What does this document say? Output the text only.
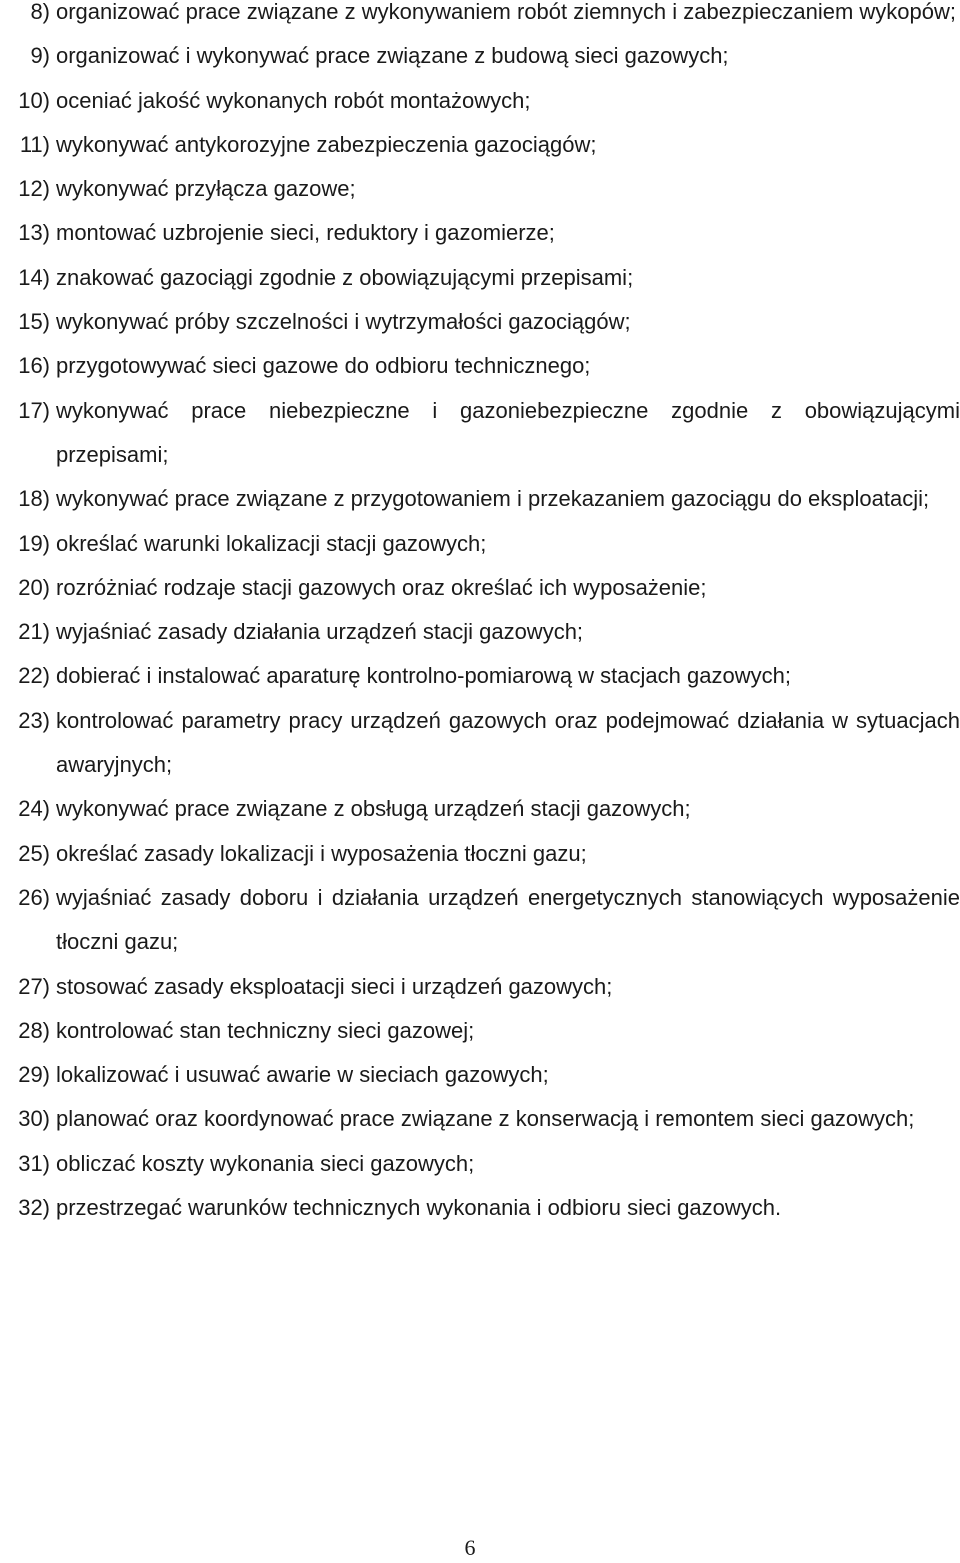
8) organizować prace związane z wykonywaniem robót ziemnych i zabezpieczaniem wykopów;
9) organizować i wykonywać prace związane z budową sieci gazowych;
10) oceniać jakość wykonanych robót montażowych;
11) wykonywać antykorozyjne zabezpieczenia gazociągów;
12) wykonywać przyłącza gazowe;
13) montować uzbrojenie sieci, reduktory i gazomierze;
14) znakować gazociągi zgodnie z obowiązującymi przepisami;
15) wykonywać próby szczelności i wytrzymałości gazociągów;
16) przygotowywać sieci gazowe do odbioru technicznego;
17) wykonywać prace niebezpieczne i gazoniebezpieczne zgodnie z obowiązującymi przepisami;
18) wykonywać prace związane z przygotowaniem i przekazaniem gazociągu do eksploatacji;
19) określać warunki lokalizacji stacji gazowych;
20) rozróżniać rodzaje stacji gazowych oraz określać ich wyposażenie;
21) wyjaśniać zasady działania urządzeń stacji gazowych;
22) dobierać i instalować aparaturę kontrolno-pomiarową w stacjach gazowych;
23) kontrolować parametry pracy urządzeń gazowych oraz podejmować działania w sytuacjach awaryjnych;
24) wykonywać prace związane z obsługą urządzeń stacji gazowych;
25) określać zasady lokalizacji i wyposażenia tłoczni gazu;
26) wyjaśniać zasady doboru i działania urządzeń energetycznych stanowiących wyposażenie tłoczni gazu;
27) stosować zasady eksploatacji sieci i urządzeń gazowych;
28) kontrolować stan techniczny sieci gazowej;
29) lokalizować i usuwać awarie w sieciach gazowych;
30) planować oraz koordynować prace związane z konserwacją i remontem sieci gazowych;
31) obliczać koszty wykonania sieci gazowych;
32) przestrzegać warunków technicznych wykonania i odbioru sieci gazowych.
6
